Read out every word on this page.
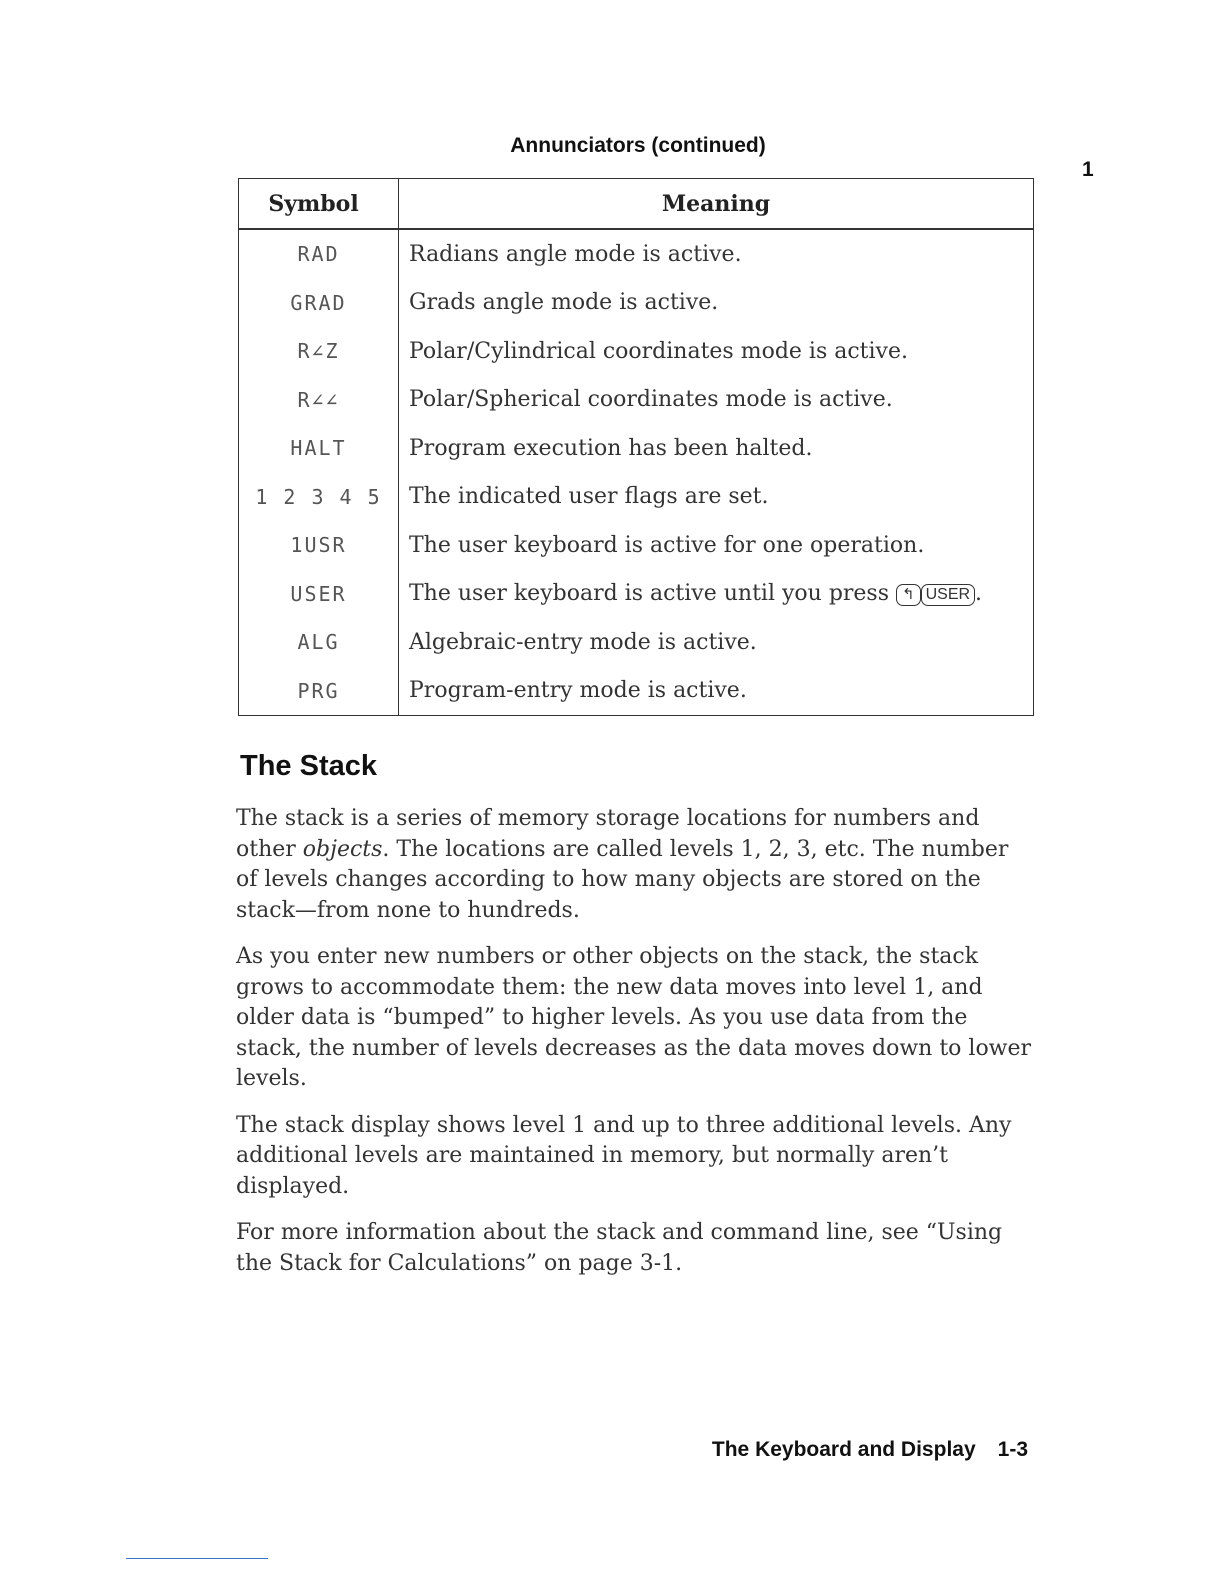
Annunciators (continued)
1
Symbol	Meaning
RAD	Radians angle mode is active.
GRAD	Grads angle mode is active.
R∠Z	Polar/Cylindrical coordinates mode is active.
R∠∠	Polar/Spherical coordinates mode is active.
HALT	Program execution has been halted.
1 2 3 4 5	The indicated user flags are set.
1USR	The user keyboard is active for one operation.
USER	The user keyboard is active until you press ↰ USER .
ALG	Algebraic-entry mode is active.
PRG	Program-entry mode is active.
The Stack

The stack is a series of memory storage locations for numbers and other objects. The locations are called levels 1, 2, 3, etc. The number of levels changes according to how many objects are stored on the stack—from none to hundreds.

As you enter new numbers or other objects on the stack, the stack grows to accommodate them: the new data moves into level 1, and older data is “bumped” to higher levels. As you use data from the stack, the number of levels decreases as the data moves down to lower levels.

The stack display shows level 1 and up to three additional levels. Any additional levels are maintained in memory, but normally aren’t displayed.

For more information about the stack and command line, see “Using the Stack for Calculations” on page 3-1.

The Keyboard and Display 1-3
